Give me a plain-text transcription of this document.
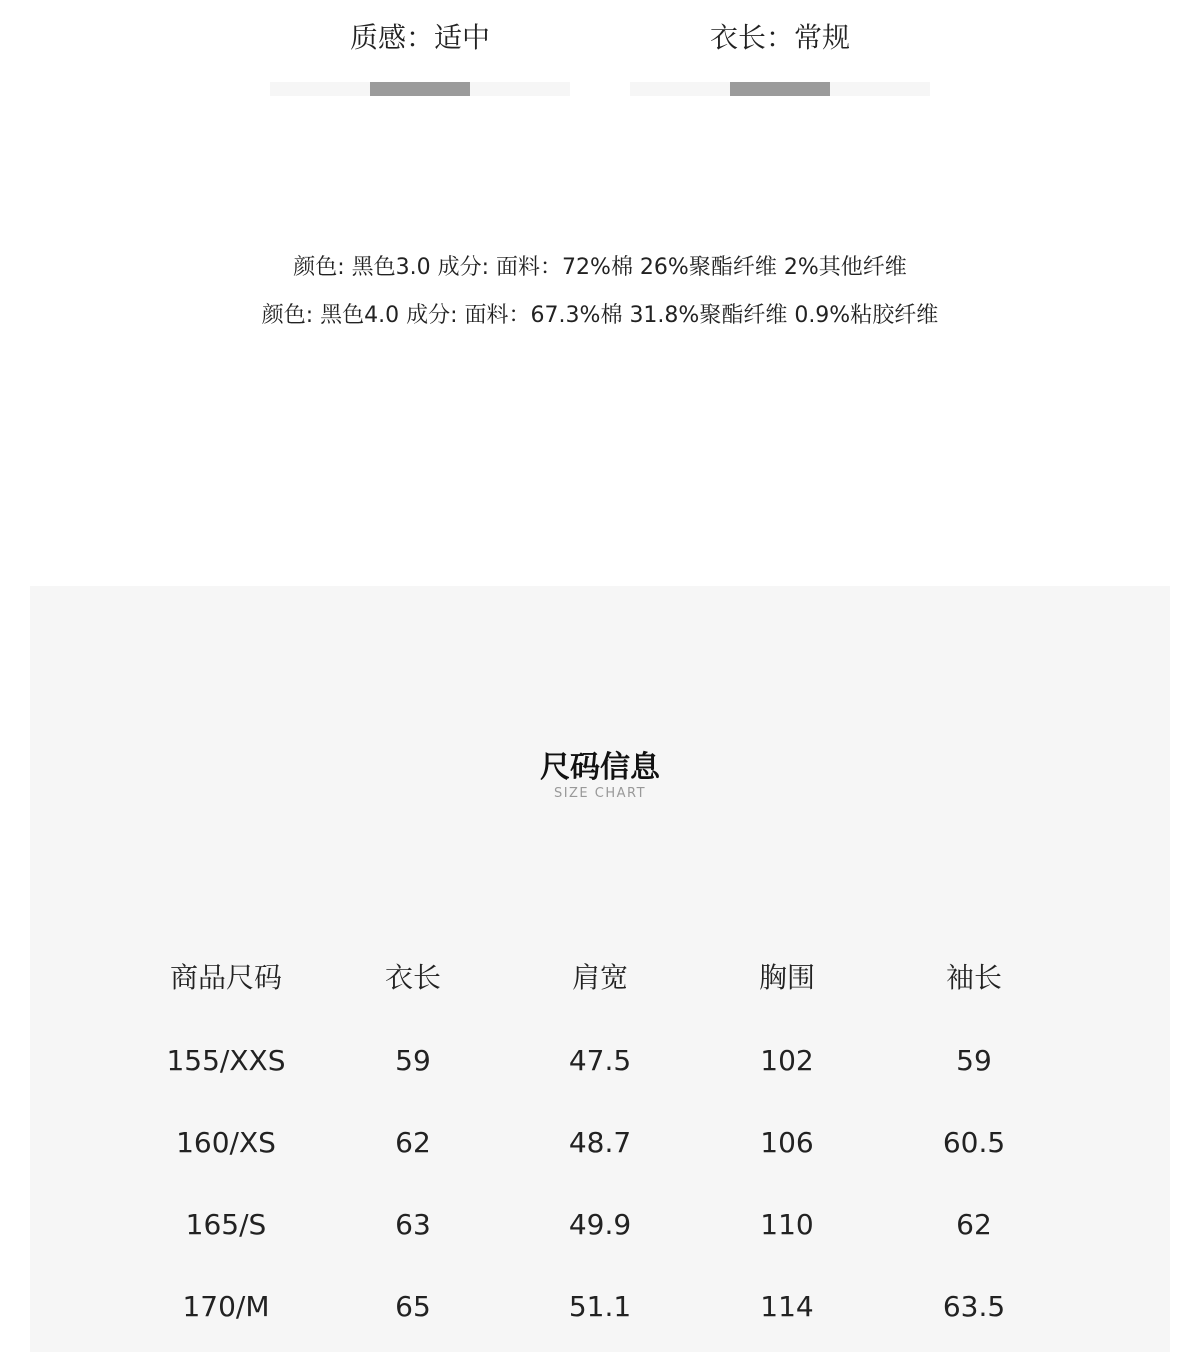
质感：适中	衣长：常规
颜色: 黑色3.0 成分: 面料：72%棉 26%聚酯纤维 2%其他纤维
颜色: 黑色4.0 成分: 面料：67.3%棉 31.8%聚酯纤维 0.9%粘胶纤维
尺码信息
SIZE CHART
商品尺码	衣长	肩宽	胸围	袖长
155/XXS	59	47.5	102	59
160/XS	62	48.7	106	60.5
165/S	63	49.9	110	62
170/M	65	51.1	114	63.5
